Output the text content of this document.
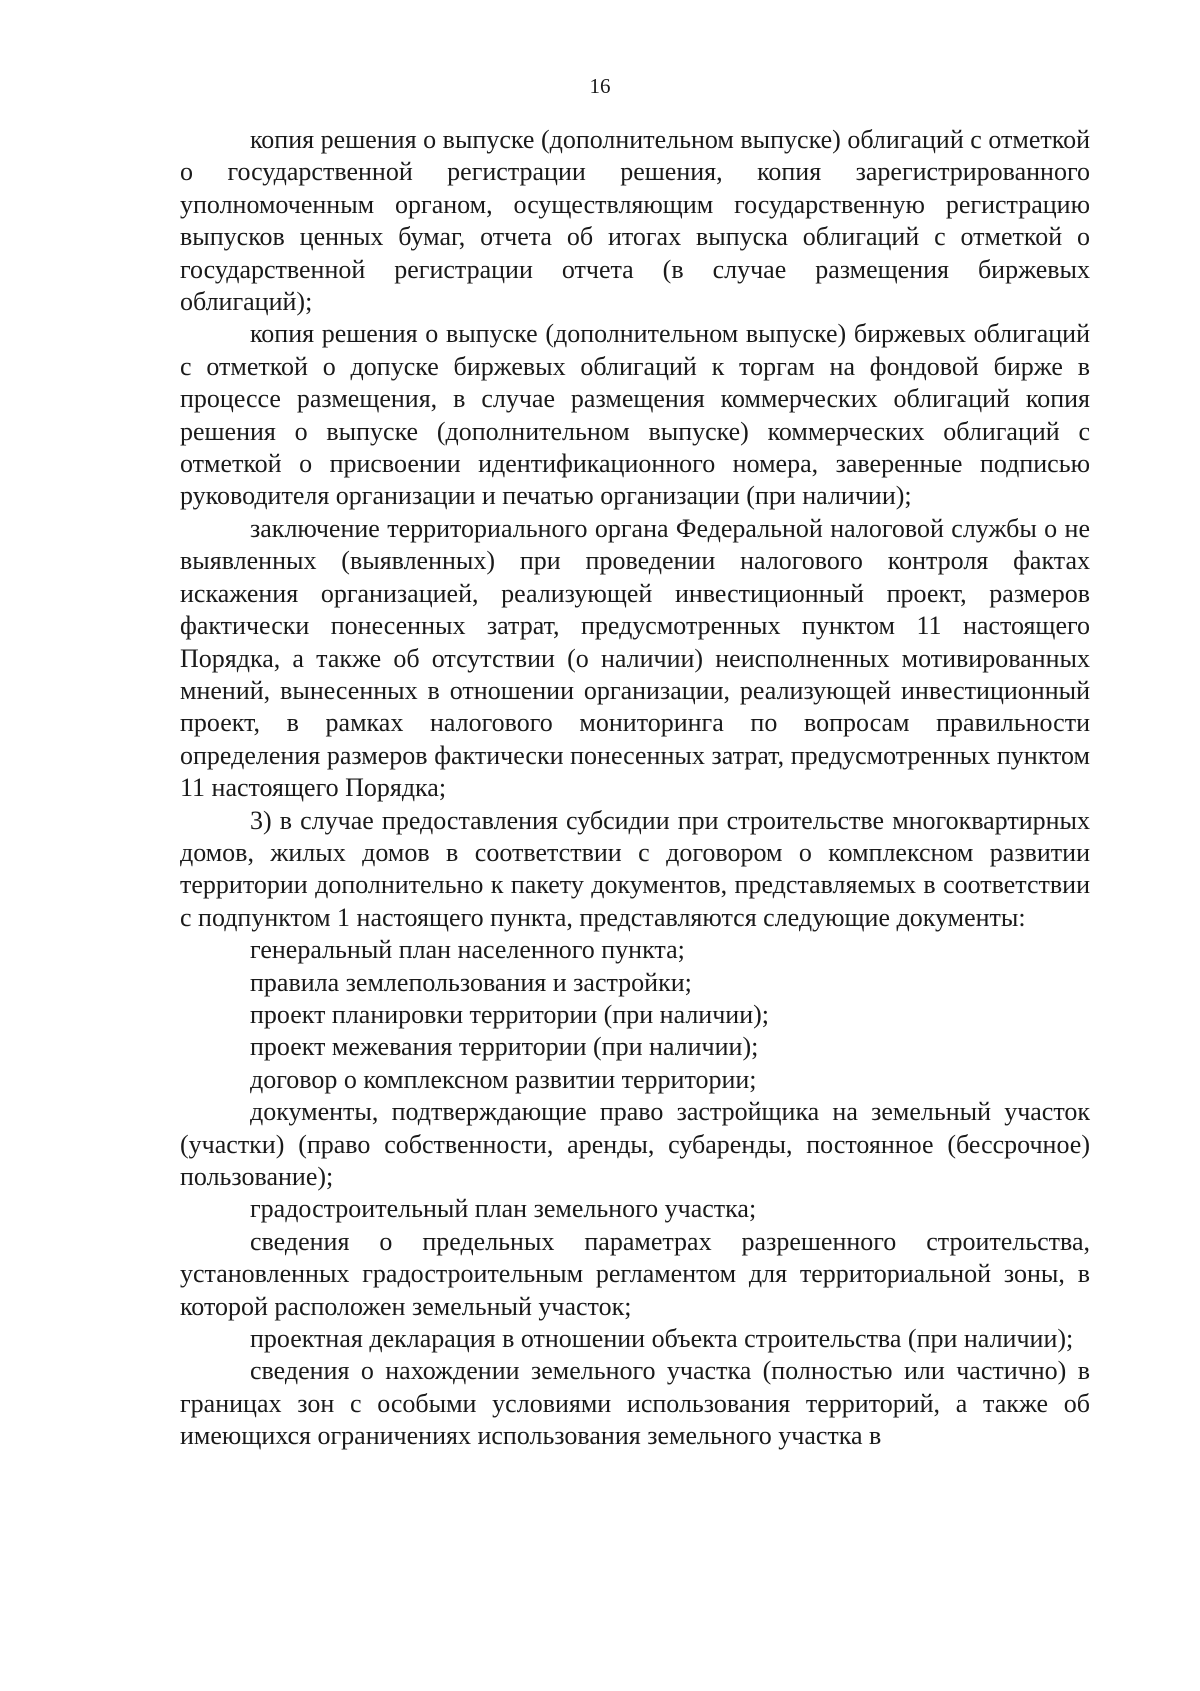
16

копия решения о выпуске (дополнительном выпуске) облигаций с отметкой о государственной регистрации решения, копия зарегистрированного уполномоченным органом, осуществляющим государственную регистрацию выпусков ценных бумаг, отчета об итогах выпуска облигаций с отметкой о государственной регистрации отчета (в случае размещения биржевых облигаций);

копия решения о выпуске (дополнительном выпуске) биржевых облигаций с отметкой о допуске биржевых облигаций к торгам на фондовой бирже в процессе размещения, в случае размещения коммерческих облигаций копия решения о выпуске (дополнительном выпуске) коммерческих облигаций с отметкой о присвоении идентификационного номера, заверенные подписью руководителя организации и печатью организации (при наличии);

заключение территориального органа Федеральной налоговой службы о не выявленных (выявленных) при проведении налогового контроля фактах искажения организацией, реализующей инвестиционный проект, размеров фактически понесенных затрат, предусмотренных пунктом 11 настоящего Порядка, а также об отсутствии (о наличии) неисполненных мотивированных мнений, вынесенных в отношении организации, реализующей инвестиционный проект, в рамках налогового мониторинга по вопросам правильности определения размеров фактически понесенных затрат, предусмотренных пунктом 11 настоящего Порядка;

3) в случае предоставления субсидии при строительстве многоквартирных домов, жилых домов в соответствии с договором о комплексном развитии территории дополнительно к пакету документов, представляемых в соответствии с подпунктом 1 настоящего пункта, представляются следующие документы:

генеральный план населенного пункта;

правила землепользования и застройки;

проект планировки территории (при наличии);

проект межевания территории (при наличии);

договор о комплексном развитии территории;

документы, подтверждающие право застройщика на земельный участок (участки) (право собственности, аренды, субаренды, постоянное (бессрочное) пользование);

градостроительный план земельного участка;

сведения о предельных параметрах разрешенного строительства, установленных градостроительным регламентом для территориальной зоны, в которой расположен земельный участок;

проектная декларация в отношении объекта строительства (при наличии);

сведения о нахождении земельного участка (полностью или частично) в границах зон с особыми условиями использования территорий, а также об имеющихся ограничениях использования земельного участка в
